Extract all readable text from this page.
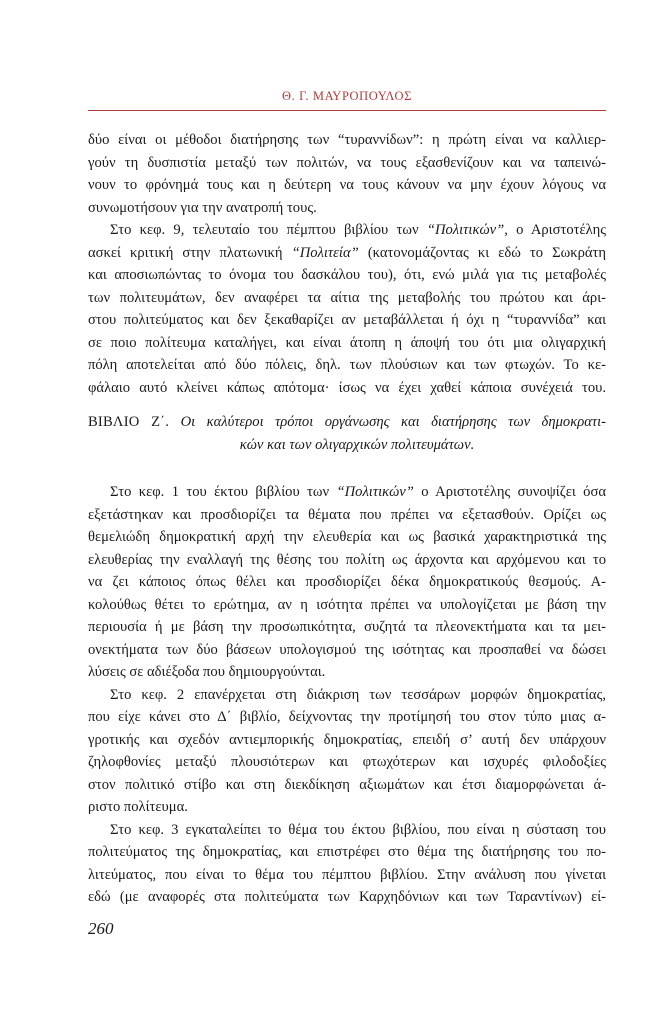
Θ. Γ. ΜΑΥΡΟΠΟΥΛΟΣ
δύο είναι οι μέθοδοι διατήρησης των “τυραννίδων”: η πρώτη είναι να καλλιερ-
γούν τη δυσπιστία μεταξύ των πολιτών, να τους εξασθενίζουν και να ταπεινώ-
νουν το φρόνημά τους και η δεύτερη να τους κάνουν να μην έχουν λόγους να
συνωμοτήσουν για την ανατροπή τους.
Στο κεφ. 9, τελευταίο του πέμπτου βιβλίου των “Πολιτικών”, ο Αριστοτέλης
ασκεί κριτική στην πλατωνική “Πολιτεία” (κατονομάζοντας κι εδώ το Σωκράτη
και αποσιωπώντας το όνομα του δασκάλου του), ότι, ενώ μιλά για τις μεταβολές
των πολιτευμάτων, δεν αναφέρει τα αίτια της μεταβολής του πρώτου και άρι-
στου πολιτεύματος και δεν ξεκαθαρίζει αν μεταβάλλεται ή όχι η “τυραννίδα” και
σε ποιο πολίτευμα καταλήγει, και είναι άτοπη η άποψή του ότι μια ολιγαρχική
πόλη αποτελείται από δύο πόλεις, δηλ. των πλούσιων και των φτωχών. Το κε-
φάλαιο αυτό κλείνει κάπως απότομα· ίσως να έχει χαθεί κάποια συνέχειά του.
ΒΙΒΛΙΟ Ζ΄. Οι καλύτεροι τρόποι οργάνωσης και διατήρησης των δημοκρατι-
κών και των ολιγαρχικών πολιτευμάτων.
Στο κεφ. 1 του έκτου βιβλίου των “Πολιτικών” ο Αριστοτέλης συνοψίζει όσα
εξετάστηκαν και προσδιορίζει τα θέματα που πρέπει να εξετασθούν. Ορίζει ως
θεμελιώδη δημοκρατική αρχή την ελευθερία και ως βασικά χαρακτηριστικά της
ελευθερίας την εναλλαγή της θέσης του πολίτη ως άρχοντα και αρχόμενου και το
να ζει κάποιος όπως θέλει και προσδιορίζει δέκα δημοκρατικούς θεσμούς. Α-
κολούθως θέτει το ερώτημα, αν η ισότητα πρέπει να υπολογίζεται με βάση την
περιουσία ή με βάση την προσωπικότητα, συζητά τα πλεονεκτήματα και τα μει-
ονεκτήματα των δύο βάσεων υπολογισμού της ισότητας και προσπαθεί να δώσει
λύσεις σε αδιέξοδα που δημιουργούνται.
Στο κεφ. 2 επανέρχεται στη διάκριση των τεσσάρων μορφών δημοκρατίας,
που είχε κάνει στο Δ΄ βιβλίο, δείχνοντας την προτίμησή του στον τύπο μιας α-
γροτικής και σχεδόν αντιεμπορικής δημοκρατίας, επειδή σ’ αυτή δεν υπάρχουν
ζηλοφθονίες μεταξύ πλουσιότερων και φτωχότερων και ισχυρές φιλοδοξίες
στον πολιτικό στίβο και στη διεκδίκηση αξιωμάτων και έτσι διαμορφώνεται ά-
ριστο πολίτευμα.
Στο κεφ. 3 εγκαταλείπει το θέμα του έκτου βιβλίου, που είναι η σύσταση του
πολιτεύματος της δημοκρατίας, και επιστρέφει στο θέμα της διατήρησης του πο-
λιτεύματος, που είναι το θέμα του πέμπτου βιβλίου. Στην ανάλυση που γίνεται
εδώ (με αναφορές στα πολιτεύματα των Καρχηδόνιων και των Ταραντίνων) εί-
260
